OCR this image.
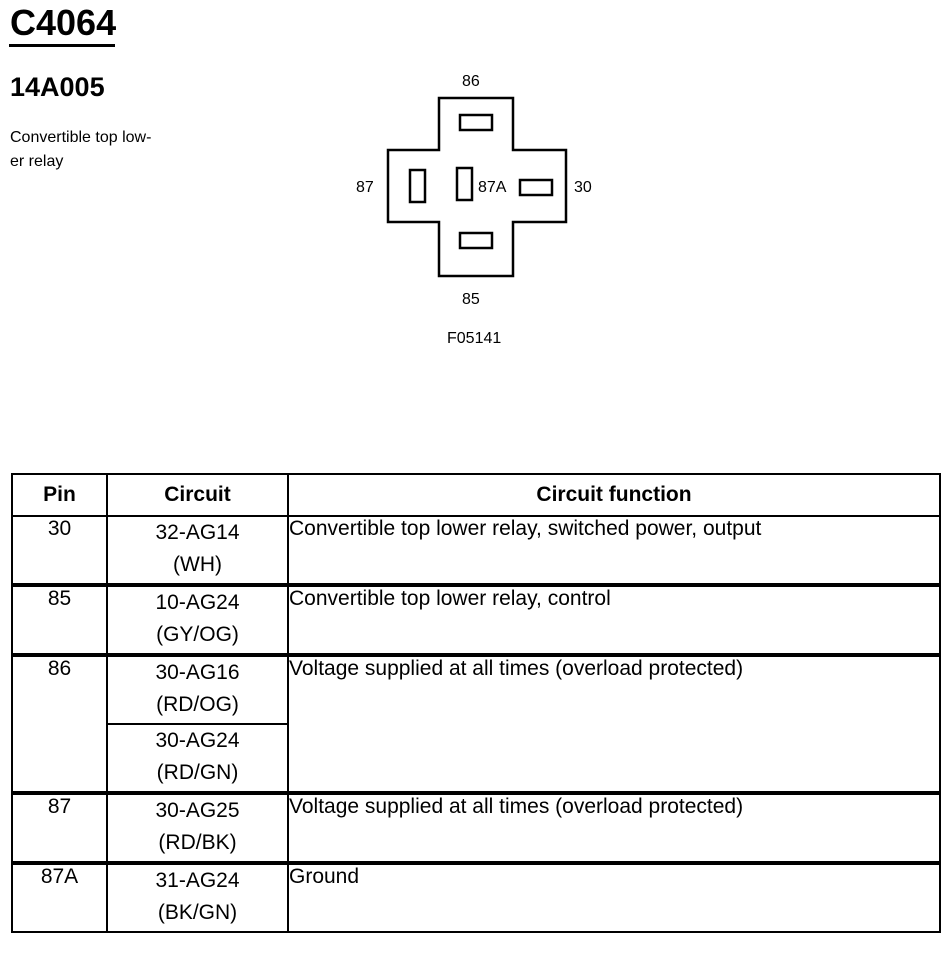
C4064
14A005
Convertible top low-
er relay
86
87	87A	30
85
F05141
Pin	Circuit	Circuit function
30	32-AG14
(WH)	Convertible top lower relay, switched power, output
85	10-AG24
(GY/OG)	Convertible top lower relay, control
86	30-AG16
(RD/OG)	Voltage supplied at all times (overload protected)
	30-AG24
(RD/GN)	
87	30-AG25
(RD/BK)	Voltage supplied at all times (overload protected)
87A	31-AG24
(BK/GN)	Ground
